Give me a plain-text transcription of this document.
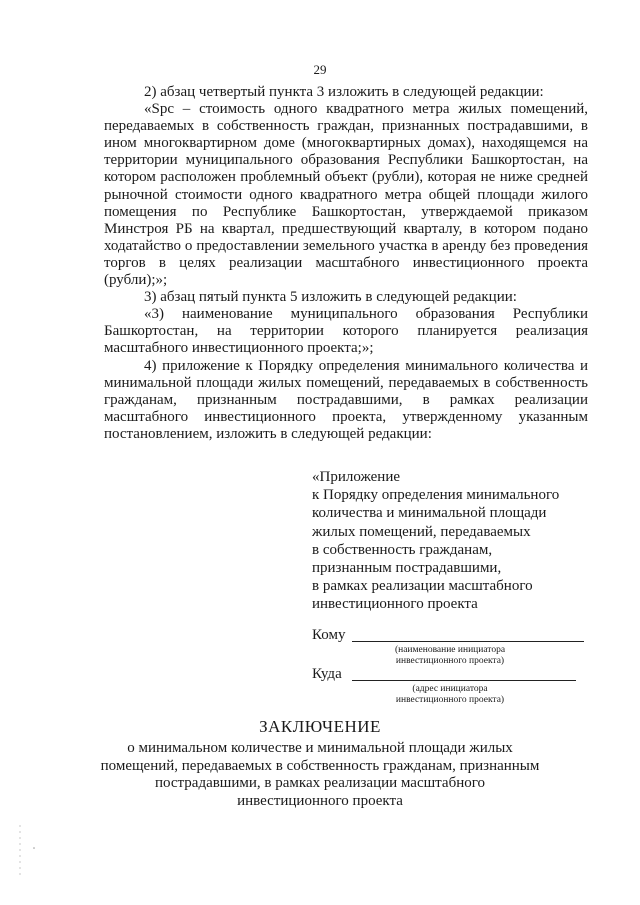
29

2) абзац четвертый пункта 3 изложить в следующей редакции:

«Spc – стоимость одного квадратного метра жилых помещений, передаваемых в собственность граждан, признанных пострадавшими, в ином многоквартирном доме (многоквартирных домах), находящемся на территории муниципального образования Республики Башкортостан, на котором расположен проблемный объект (рубли), которая не ниже средней рыночной стоимости одного квадратного метра общей площади жилого помещения по Республике Башкортостан, утверждаемой приказом Минстроя РБ на квартал, предшествующий кварталу, в котором подано ходатайство о предоставлении земельного участка в аренду без проведения торгов в целях реализации масштабного инвестиционного проекта (рубли);»;

3) абзац пятый пункта 5 изложить в следующей редакции:

«3) наименование муниципального образования Республики Башкортостан, на территории которого планируется реализация масштабного инвестиционного проекта;»;

4) приложение к Порядку определения минимального количества и минимальной площади жилых помещений, передаваемых в собственность гражданам, признанным пострадавшими, в рамках реализации масштабного инвестиционного проекта, утвержденному указанным постановлением, изложить в следующей редакции:

«Приложение
к Порядку определения минимального
количества и минимальной площади
жилых помещений, передаваемых
в собственность гражданам,
признанным пострадавшими,
в рамках реализации масштабного
инвестиционного проекта
Кому
(наименование инициатора
инвестиционного проекта)
Куда
(адрес инициатора
инвестиционного проекта)
ЗАКЛЮЧЕНИЕ
о минимальном количестве и минимальной площади жилых
помещений, передаваемых в собственность гражданам, признанным
пострадавшими, в рамках реализации масштабного
инвестиционного проекта
